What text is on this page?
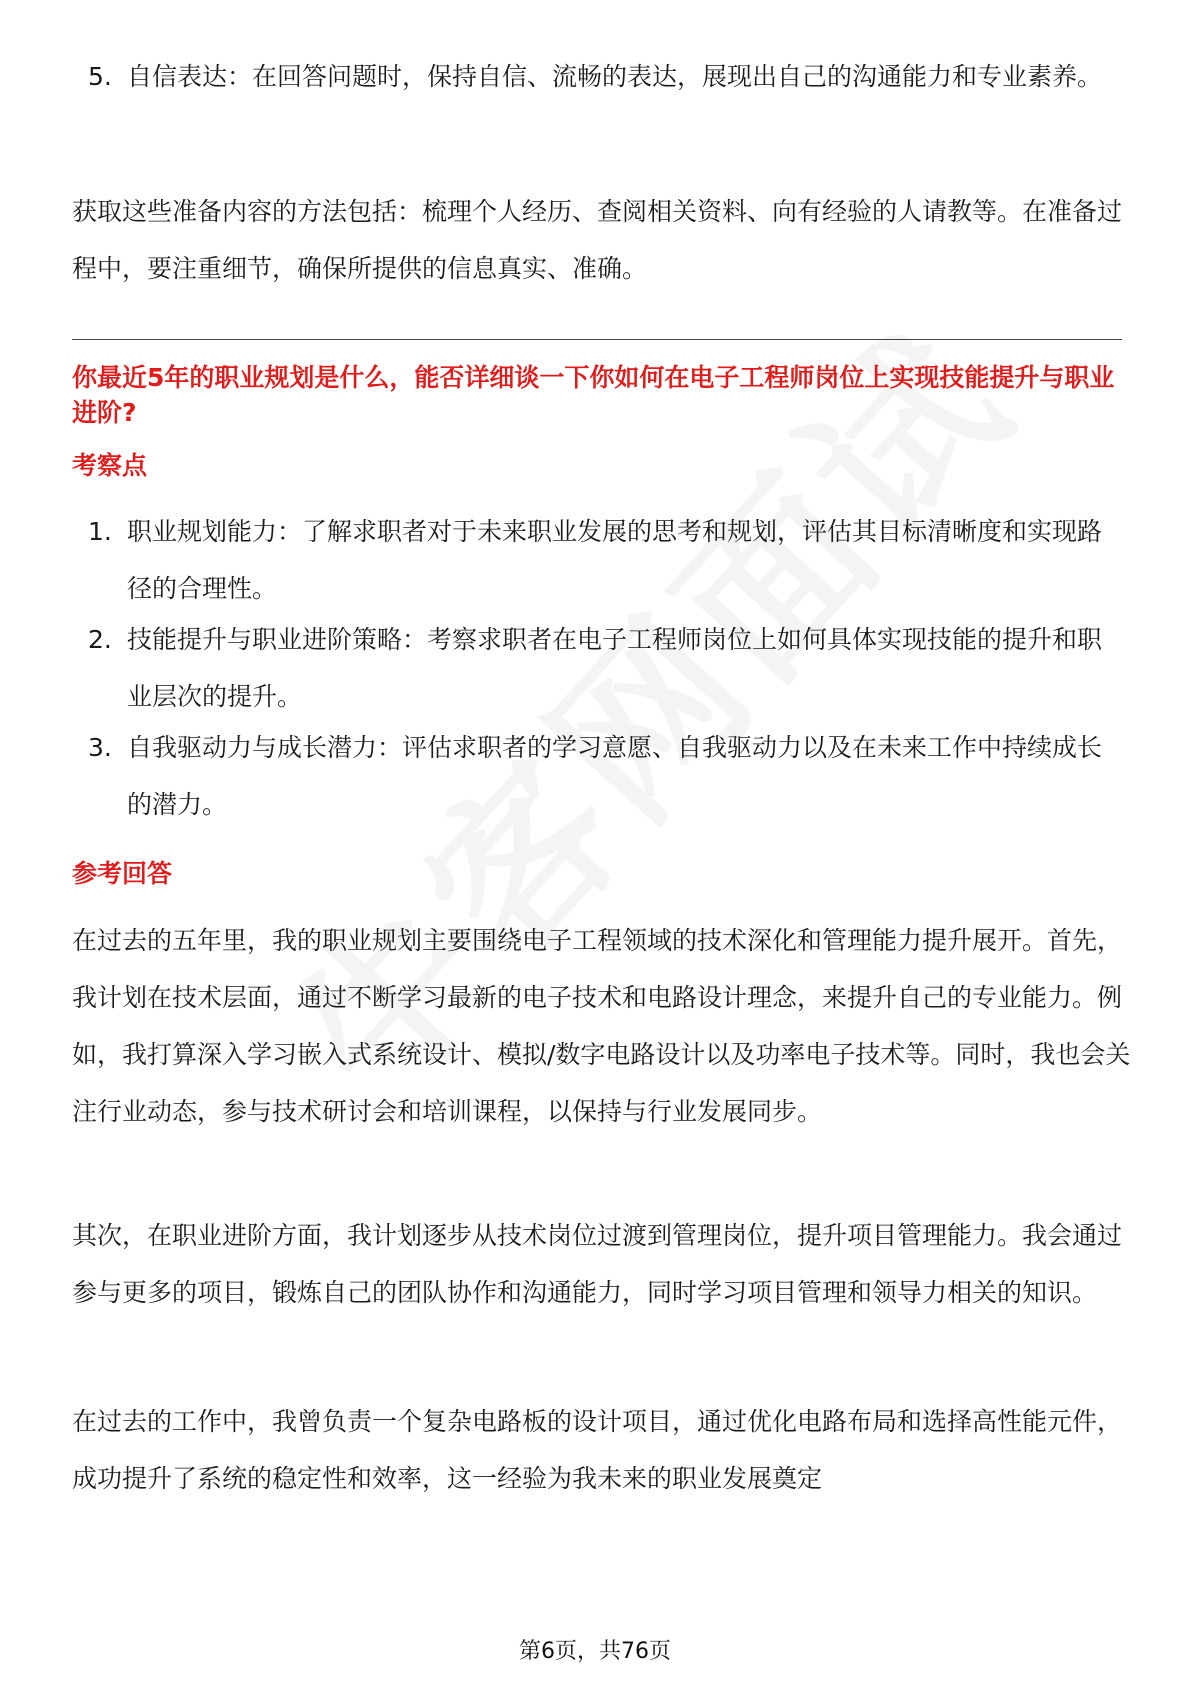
5. 自信表达：在回答问题时，保持自信、流畅的表达，展现出自己的沟通能力和专业素养。
获取这些准备内容的方法包括：梳理个人经历、查阅相关资料、向有经验的人请教等。在准备过程中，要注重细节，确保所提供的信息真实、准确。
你最近5年的职业规划是什么，能否详细谈一下你如何在电子工程师岗位上实现技能提升与职业进阶?
考察点
1. 职业规划能力：了解求职者对于未来职业发展的思考和规划，评估其目标清晰度和实现路径的合理性。
2. 技能提升与职业进阶策略：考察求职者在电子工程师岗位上如何具体实现技能的提升和职业层次的提升。
3. 自我驱动力与成长潜力：评估求职者的学习意愿、自我驱动力以及在未来工作中持续成长的潜力。
参考回答
在过去的五年里，我的职业规划主要围绕电子工程领域的技术深化和管理能力提升展开。首先，我计划在技术层面，通过不断学习最新的电子技术和电路设计理念，来提升自己的专业能力。例如，我打算深入学习嵌入式系统设计、模拟/数字电路设计以及功率电子技术等。同时，我也会关注行业动态，参与技术研讨会和培训课程，以保持与行业发展同步。
其次，在职业进阶方面，我计划逐步从技术岗位过渡到管理岗位，提升项目管理能力。我会通过参与更多的项目，锻炼自己的团队协作和沟通能力，同时学习项目管理和领导力相关的知识。
在过去的工作中，我曾负责一个复杂电路板的设计项目，通过优化电路布局和选择高性能元件，成功提升了系统的稳定性和效率，这一经验为我未来的职业发展奠定
第6页，共76页
